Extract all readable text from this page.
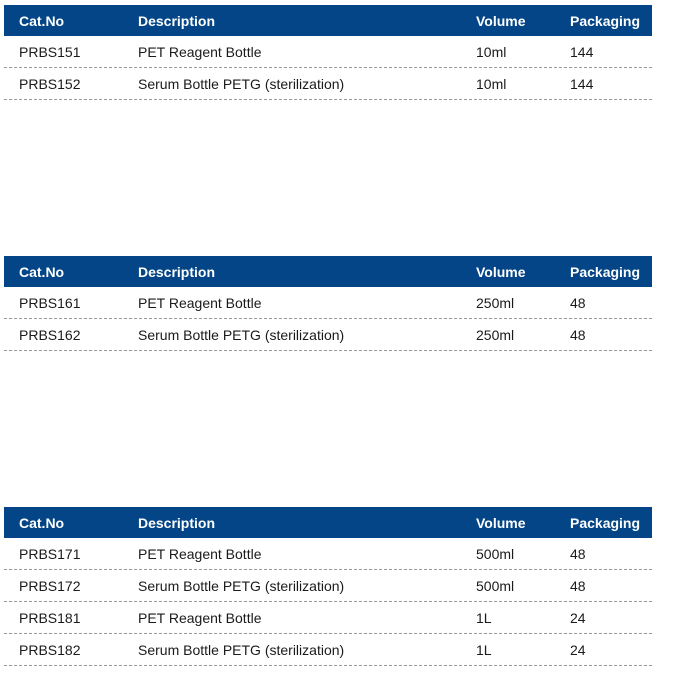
Cat.No	Description	Volume	Packaging
PRBS151	PET Reagent Bottle	10ml	144
PRBS152	Serum Bottle PETG (sterilization)	10ml	144
Cat.No	Description	Volume	Packaging
PRBS161	PET Reagent Bottle	250ml	48
PRBS162	Serum Bottle PETG (sterilization)	250ml	48
Cat.No	Description	Volume	Packaging
PRBS171	PET Reagent Bottle	500ml	48
PRBS172	Serum Bottle PETG (sterilization)	500ml	48
PRBS181	PET Reagent Bottle	1L	24
PRBS182	Serum Bottle PETG (sterilization)	1L	24
